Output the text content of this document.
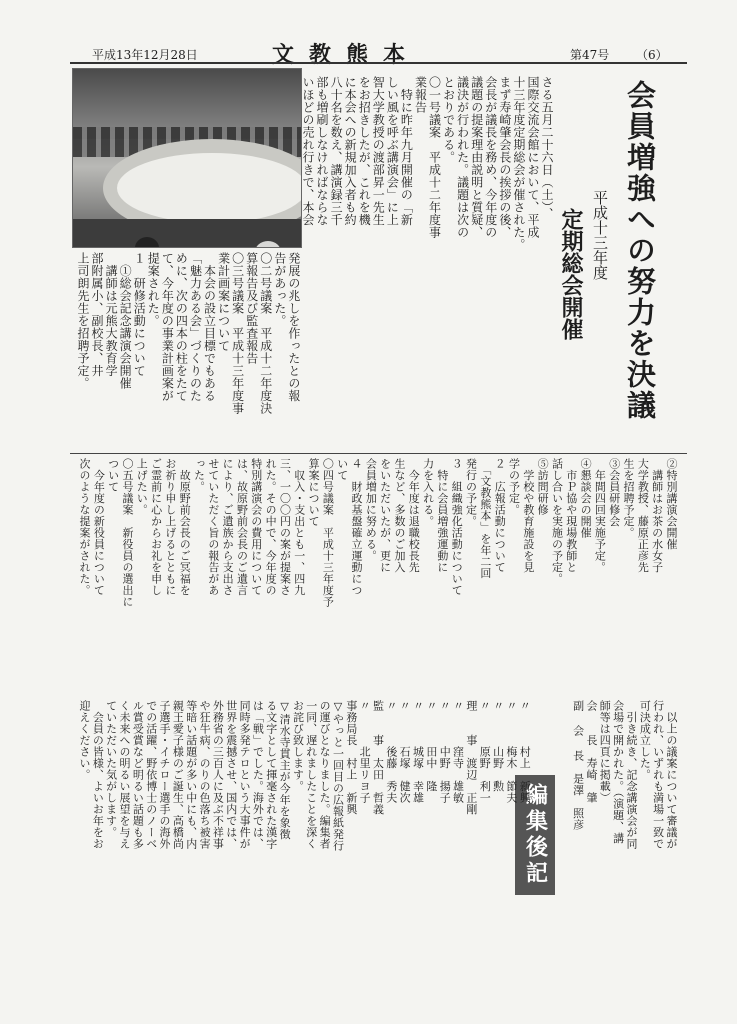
平成13年12月28日	文教熊本	第47号 （6）
会員増強への努力を決議
平成十三年度
定期総会開催
編集後記
さる五月二十六日（土）、
国際交流会館において、平成
十三年度定期総会が催された。
まず寿崎肇会長の挨拶の後、
会長が議長を務め、今年度の
議題の提案理由説明と質疑、
議決が行われた。議題は次の
とおりである。
〇一号議案　平成十二年度事
業報告
　特に昨年九月開催の「新
しい風を呼ぶ講演会」に上
智大学教授の渡部昇一先生
をお招きしたが、これを機
に本会への新規加入者も約
八十名を数え、講演録三千
部も増刷しなければならな
いほどの売れ行きで、本会
発展の兆しを作ったとの報
告があった。
〇二号議案　平成十二年度決
算報告及び監査報告
〇三号議案　平成十三年度事
業計画案について
　本会の設立目標でもある
「魅力ある会」づくりのた
めに、次の四本の柱をたて
て、今年度の事業計画案が
提案された。
１　研修活動について
　①総会記念講演会開催
　講師は元熊大教育学
部附属小、副校長、井
上司朗先生を招聘予定。
②特別講演会開催
　講師はお茶の水女子
大学教授、藤原正彦先
生を招聘予定。
③会員研修会
　年間四回実施予定。
④懇談会の開催
　市Ｐ協や現場教師と
話し合いを実施の予定。
⑤訪問研修
　学校や教育施設を見
学の予定。
２　広報活動について
　「文教熊本」を年二回
発行の予定。
３　組織強化活動について
　特に会員増強運動に
力を入れる。
　今年度は退職校長先
生など、多数のご加入
をいただいたが、更に
会員増加に努める。
４　財政基盤確立運動につ
いて
〇四号議案　平成十三年度予
算案について
　収入・支出とも一、四九
三、一〇〇円の案が提案さ
れた。その中で、今年度の
特別講演会の費用について
は、故原野前会長のご遺言
により、ご遺族から支出さ
せていただく旨の報告があ
った。
　故原野前会長のご冥福を
お祈り申し上げるとともに
ご霊前に心からお礼を申し
上げたい。
〇五号議案　新役員の選出に
ついて
　今年度の新役員について
次のような提案がされた。
　以上の議案について審議が
行われ、いずれも満場一致で
可決成立した。
　引き続き、記念講演会が同
会場で開かれた。（演題、講
師等は四頁に掲載）
会　　長　寿崎　肇
副 会 長　是澤　照彦
〃　　　村上　新興
〃　　　梅木　節夫
〃　　　山野　勲
〃　　　原野　利一
理　　事　渡辺　正剛
〃　　　窪寺　雄敏
〃　　　中野　揚子
〃　　　田中　隆
〃　　　城塚　幸雄
〃　　　石塚　健次
〃　　　後藤　秀夫
監　　事　太田　哲義
〃　　　北里リヨ子
事務局長　村上　新興
▽やっと一回目の広報紙発行
の運びとなりました。編集者
一同、遅れましたことを深く
お詫び致します。
▽清水寺貫主が今年を象徴
る文字として揮毫された漢字
は「戦」でした。海外では、
同時多発テロという大事件が
世界を震撼させ、国内では、
外務省の三百人に及ぶ不祥事
や狂牛病、のりの色落ち被害
等暗い話題が多い中にも、内
親王愛子様のご誕生、高橋尚
子選手・イチロー選手の海外
での活躍、野依博士のノーベ
ル賞受賞など明るい話題も多
く未来への明るい展望を与え
ていただいた気がします。
　会員の皆様、よいお年をお
迎えください。
